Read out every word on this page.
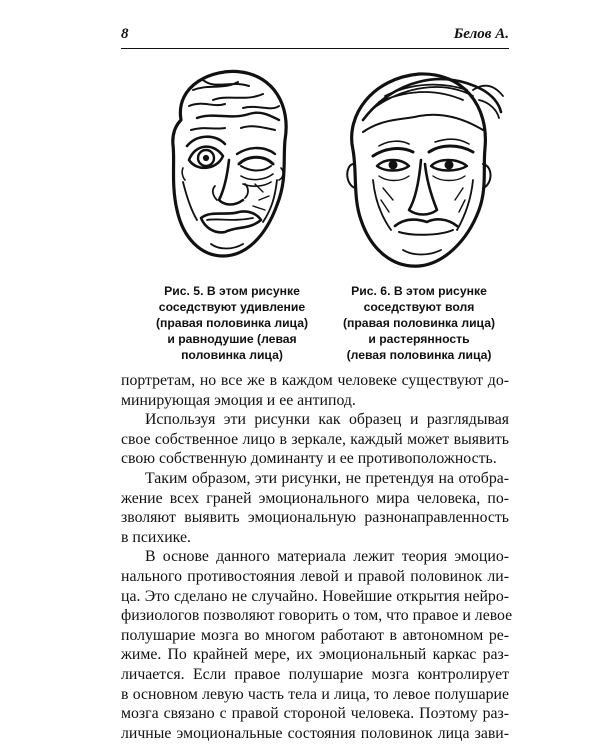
8	Белов А.
Рис. 5. В этом рисунке
соседствуют удивление
(правая половинка лица)
и равнодушие (левая
половинка лица)
Рис. 6. В этом рисунке
соседствуют воля
(правая половинка лица)
и растерянность
(левая половинка лица)

портретам, но все же в каждом человеке существуют до-
минирующая эмоция и ее антипод.

Используя эти рисунки как образец и разглядывая
свое собственное лицо в зеркале, каждый может выявить
свою собственную доминанту и ее противоположность.

Таким образом, эти рисунки, не претендуя на отобра-
жение всех граней эмоционального мира человека, по-
зволяют выявить эмоциональную разнонаправленность
в психике.

В основе данного материала лежит теория эмоцио-
нального противостояния левой и правой половинок ли-
ца. Это сделано не случайно. Новейшие открытия нейро-
физиологов позволяют говорить о том, что правое и левое
полушарие мозга во многом работают в автономном ре-
жиме. По крайней мере, их эмоциональный каркас раз-
личается. Если правое полушарие мозга контролирует
в основном левую часть тела и лица, то левое полушарие
мозга связано с правой стороной человека. Поэтому раз-
личные эмоциональные состояния половинок лица зави-
